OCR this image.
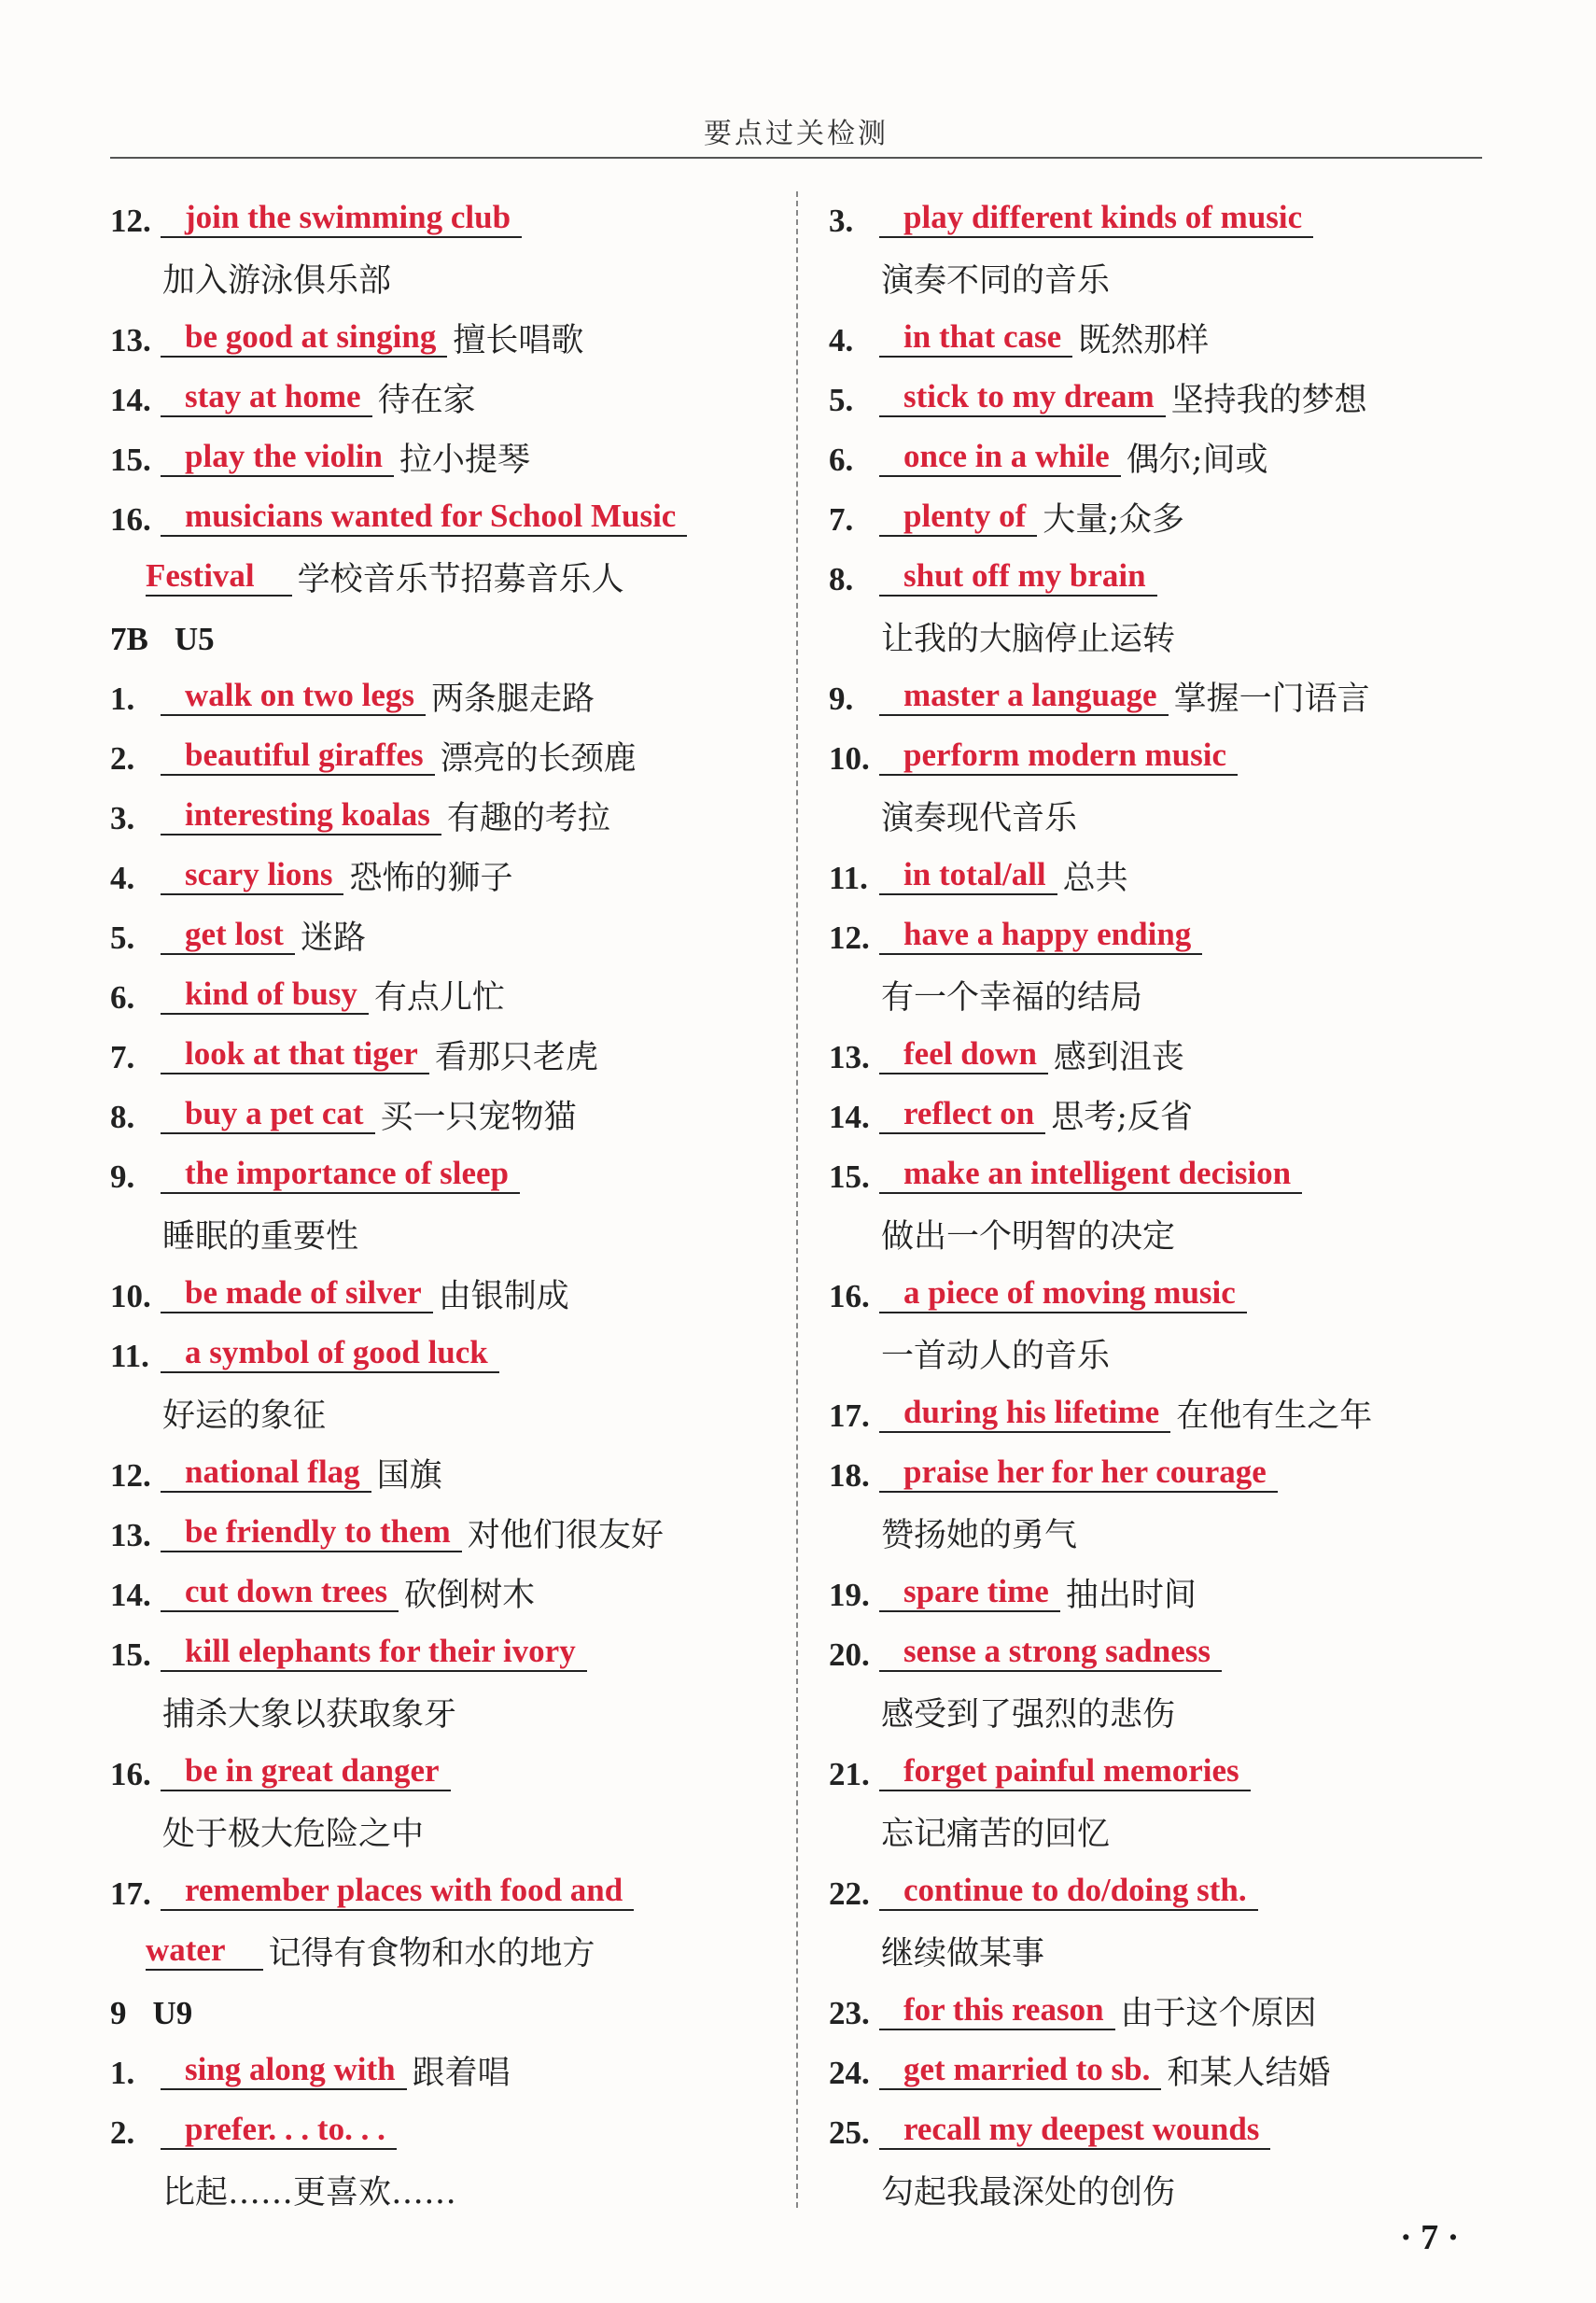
要点过关检测
12. join the swimming club
加入游泳俱乐部
13. be good at singing 擅长唱歌
14. stay at home 待在家
15. play the violin 拉小提琴
16. musicians wanted for School Music
Festival 学校音乐节招募音乐人
7B U5
1. walk on two legs 两条腿走路
2. beautiful giraffes 漂亮的长颈鹿
3. interesting koalas 有趣的考拉
4. scary lions 恐怖的狮子
5. get lost 迷路
6. kind of busy 有点儿忙
7. look at that tiger 看那只老虎
8. buy a pet cat 买一只宠物猫
9. the importance of sleep
睡眠的重要性
10. be made of silver 由银制成
11. a symbol of good luck
好运的象征
12. national flag 国旗
13. be friendly to them 对他们很友好
14. cut down trees 砍倒树木
15. kill elephants for their ivory
捕杀大象以获取象牙
16. be in great danger
处于极大危险之中
17. remember places with food and
water 记得有食物和水的地方
9 U9
1. sing along with 跟着唱
2. prefer. . . to. . .
比起……更喜欢……
3. play different kinds of music
演奏不同的音乐
4. in that case 既然那样
5. stick to my dream 坚持我的梦想
6. once in a while 偶尔;间或
7. plenty of 大量;众多
8. shut off my brain
让我的大脑停止运转
9. master a language 掌握一门语言
10. perform modern music
演奏现代音乐
11. in total/all 总共
12. have a happy ending
有一个幸福的结局
13. feel down 感到沮丧
14. reflect on 思考;反省
15. make an intelligent decision
做出一个明智的决定
16. a piece of moving music
一首动人的音乐
17. during his lifetime 在他有生之年
18. praise her for her courage
赞扬她的勇气
19. spare time 抽出时间
20. sense a strong sadness
感受到了强烈的悲伤
21. forget painful memories
忘记痛苦的回忆
22. continue to do/doing sth.
继续做某事
23. for this reason 由于这个原因
24. get married to sb. 和某人结婚
25. recall my deepest wounds
勾起我最深处的创伤
· 7 ·
